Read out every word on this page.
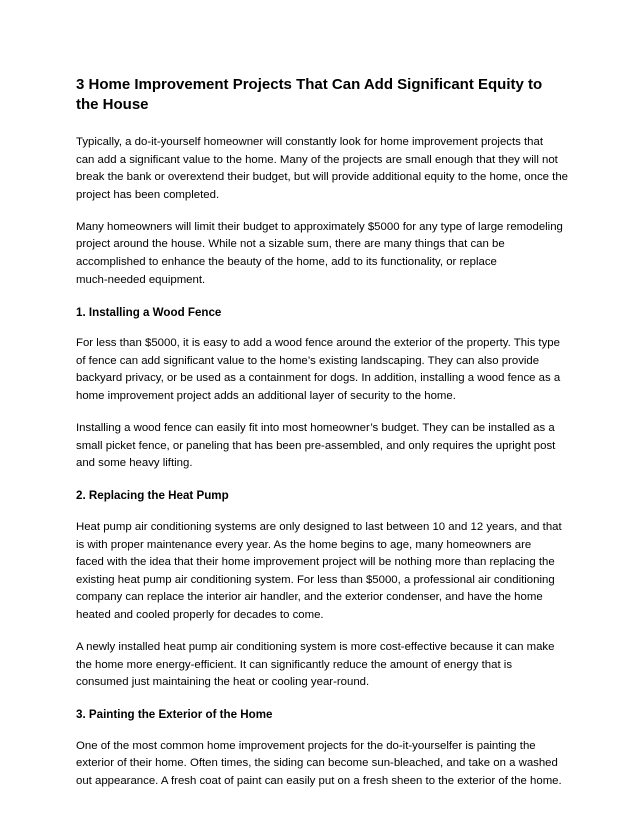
3 Home Improvement Projects That Can Add Significant Equity to
the House

Typically, a do-it-yourself homeowner will constantly look for home improvement projects that
can add a significant value to the home. Many of the projects are small enough that they will not
break the bank or overextend their budget, but will provide additional equity to the home, once the
project has been completed.

Many homeowners will limit their budget to approximately $5000 for any type of large remodeling
project around the house. While not a sizable sum, there are many things that can be
accomplished to enhance the beauty of the home, add to its functionality, or replace
much-needed equipment.

1. Installing a Wood Fence

For less than $5000, it is easy to add a wood fence around the exterior of the property. This type
of fence can add significant value to the home’s existing landscaping. They can also provide
backyard privacy, or be used as a containment for dogs. In addition, installing a wood fence as a
home improvement project adds an additional layer of security to the home.

Installing a wood fence can easily fit into most homeowner’s budget. They can be installed as a
small picket fence, or paneling that has been pre-assembled, and only requires the upright post
and some heavy lifting.

2. Replacing the Heat Pump

Heat pump air conditioning systems are only designed to last between 10 and 12 years, and that
is with proper maintenance every year. As the home begins to age, many homeowners are
faced with the idea that their home improvement project will be nothing more than replacing the
existing heat pump air conditioning system. For less than $5000, a professional air conditioning
company can replace the interior air handler, and the exterior condenser, and have the home
heated and cooled properly for decades to come.

A newly installed heat pump air conditioning system is more cost-effective because it can make
the home more energy-efficient. It can significantly reduce the amount of energy that is
consumed just maintaining the heat or cooling year-round.

3. Painting the Exterior of the Home

One of the most common home improvement projects for the do-it-yourselfer is painting the
exterior of their home. Often times, the siding can become sun-bleached, and take on a washed
out appearance. A fresh coat of paint can easily put on a fresh sheen to the exterior of the home.
